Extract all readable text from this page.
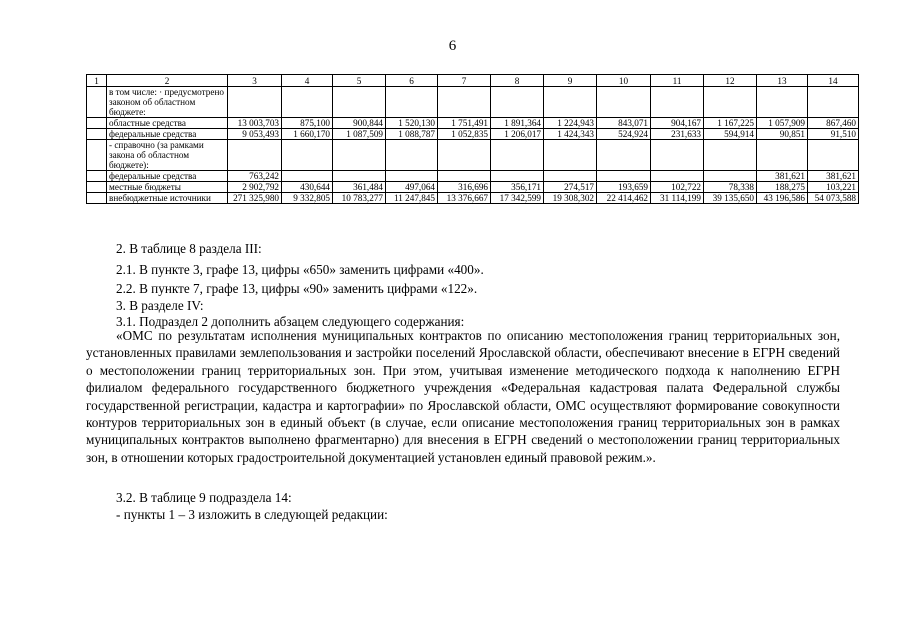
6
1	2	3	4	5	6	7	8	9	10	11	12	13	14
	в том числе: · предусмотрено законом об областном бюджете:												
	областные средства	13 003,703	875,100	900,844	1 520,130	1 751,491	1 891,364	1 224,943	843,071	904,167	1 167,225	1 057,909	867,460
	федеральные средства	9 053,493	1 660,170	1 087,509	1 088,787	1 052,835	1 206,017	1 424,343	524,924	231,633	594,914	90,851	91,510
	- справочно (за рамками закона об областном бюджете):												
	федеральные средства	763,242										381,621	381,621
	местные бюджеты	2 902,792	430,644	361,484	497,064	316,696	356,171	274,517	193,659	102,722	78,338	188,275	103,221
	внебюджетные источники	271 325,980	9 332,805	10 783,277	11 247,845	13 376,667	17 342,599	19 308,302	22 414,462	31 114,199	39 135,650	43 196,586	54 073,588
2. В таблице 8 раздела III:
2.1. В пункте 3, графе 13, цифры «650» заменить цифрами «400».
2.2. В пункте 7, графе 13, цифры «90» заменить цифрами «122».
3. В разделе IV:
3.1. Подраздел 2 дополнить абзацем следующего содержания:
«ОМС по результатам исполнения муниципальных контрактов по описанию местоположения границ территориальных зон, установленных правилами землепользования и застройки поселений Ярославской области, обеспечивают внесение в ЕГРН сведений о местоположении границ территориальных зон. При этом, учитывая изменение методического подхода к наполнению ЕГРН филиалом федерального государственного бюджетного учреждения «Федеральная кадастровая палата Федеральной службы государственной регистрации, кадастра и картографии» по Ярославской области, ОМС осуществляют формирование совокупности контуров территориальных зон в единый объект (в случае, если описание местоположения границ территориальных зон в рамках муниципальных контрактов выполнено фрагментарно) для внесения в ЕГРН сведений о местоположении границ территориальных зон, в отношении которых градостроительной документацией установлен единый правовой режим.».
3.2. В таблице 9 подраздела 14:
- пункты 1 – 3 изложить в следующей редакции:
